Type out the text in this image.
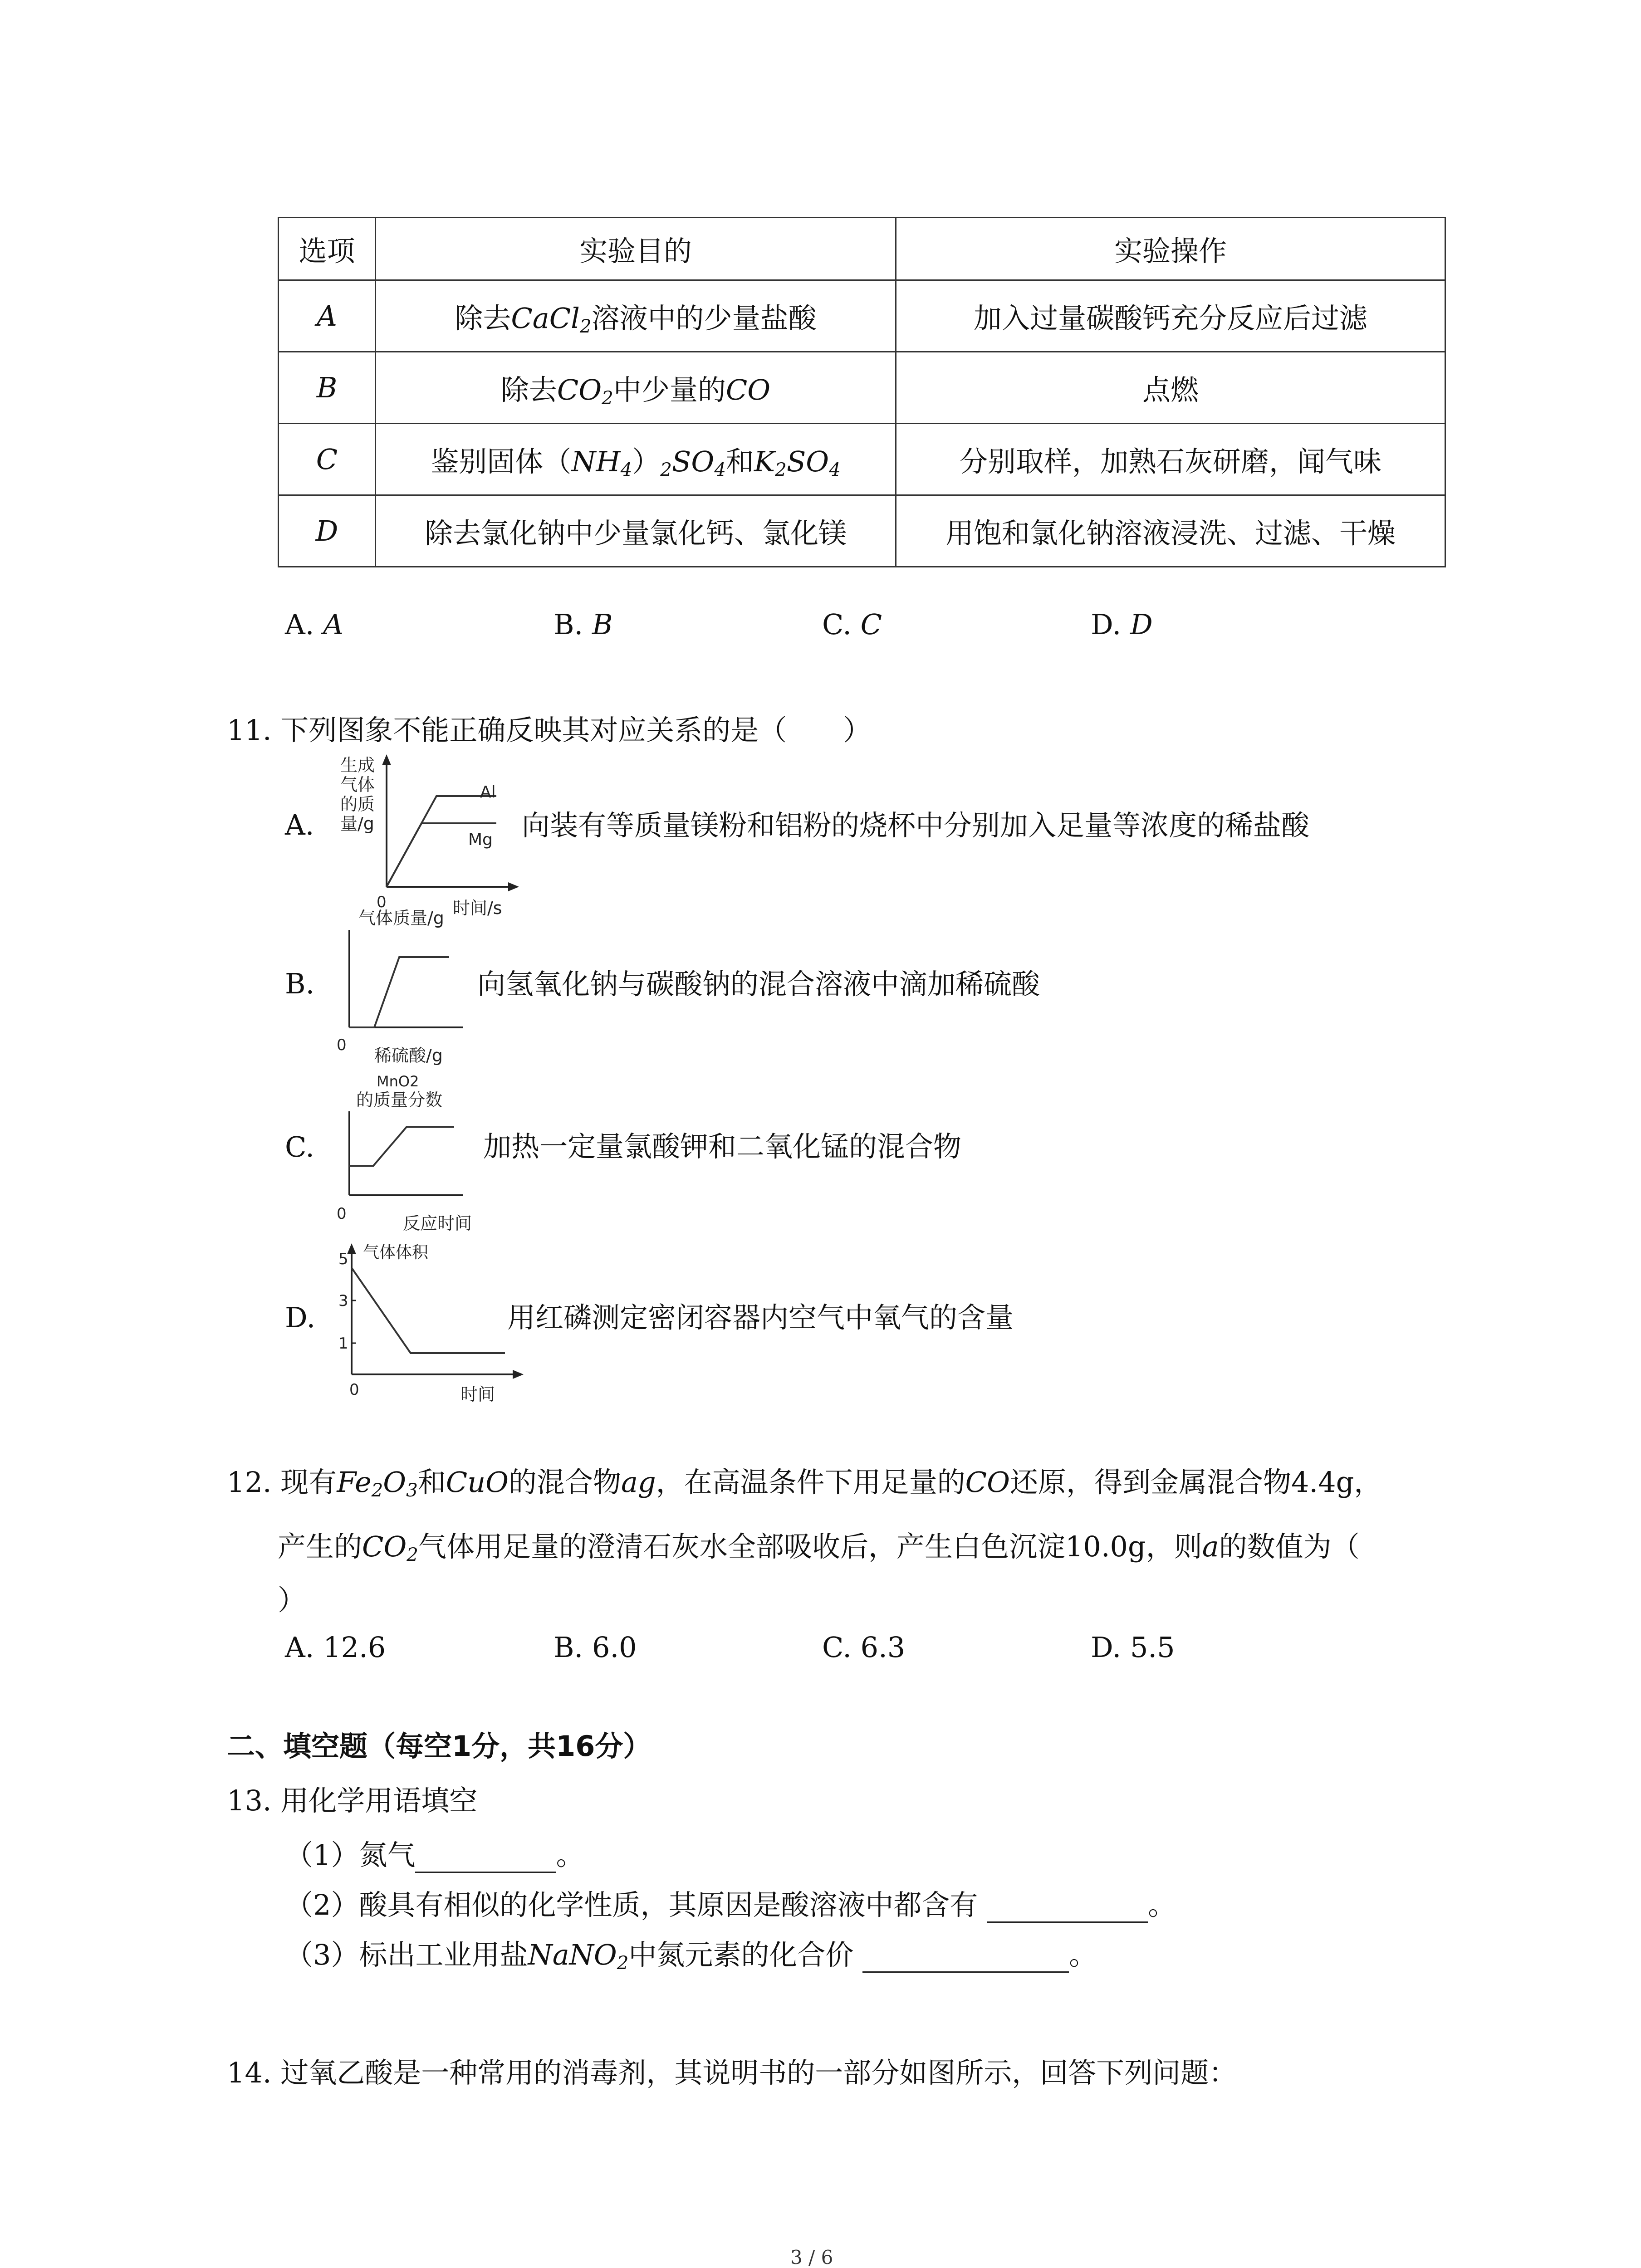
选项	实验目的	实验操作
A	除去CaCl$_2$溶液中的少量盐酸	加入过量碳酸钙充分反应后过滤
B	除去$CO_2$中少量的CO	点燃
C	鉴别固体$(NH_4)_2SO_4$和$K_2SO_4$	分别取样，加熟石灰研磨，闻气味
D	除去氯化钠中少量氯化钙、氯化镁	用饱和氯化钠溶液浸洗、过滤、干燥
A. A	B. B	C. C	D. D
11. 下列图象不能正确反映其对应关系的是（　　）
A.
生成
气体
的质
量/g
0	时间/s
Al
Mg 向装有等质量镁粉和铝粉的烧杯中分别加入足量等浓度的稀盐酸
B.
气体质量/g
0
稀硫酸/g
向氢氧化钠与碳酸钠的混合溶液中滴加稀硫酸
C.
MnO2
的质量分数
0	反应时间
加热一定量氯酸钾和二氧化锰的混合物
D.
气体体积
5
3
1
0	时间
用红磷测定密闭容器内空气中氧气的含量
12. 现有$Fe_2O_3$和CuO的混合物ag，在高温条件下用足量的CO还原，得到金属混合物4.4g，
产生的$CO_2$气体用足量的澄清石灰水全部吸收后，产生白色沉淀10.0g，则a的数值为（
）
A. 12.6	B. 6.0	C. 6.3	D. 5.5
二、填空题（每空1分，共16分）
13. 用化学用语填空
（1）氮气	。
（2）酸具有相似的化学性质，其原因是酸溶液中都含有	。
（3）标出工业用盐NaNO$_2$中氮元素的化合价	。
14. 过氧乙酸是一种常用的消毒剂，其说明书的一部分如图所示，回答下列问题：
3 / 6
